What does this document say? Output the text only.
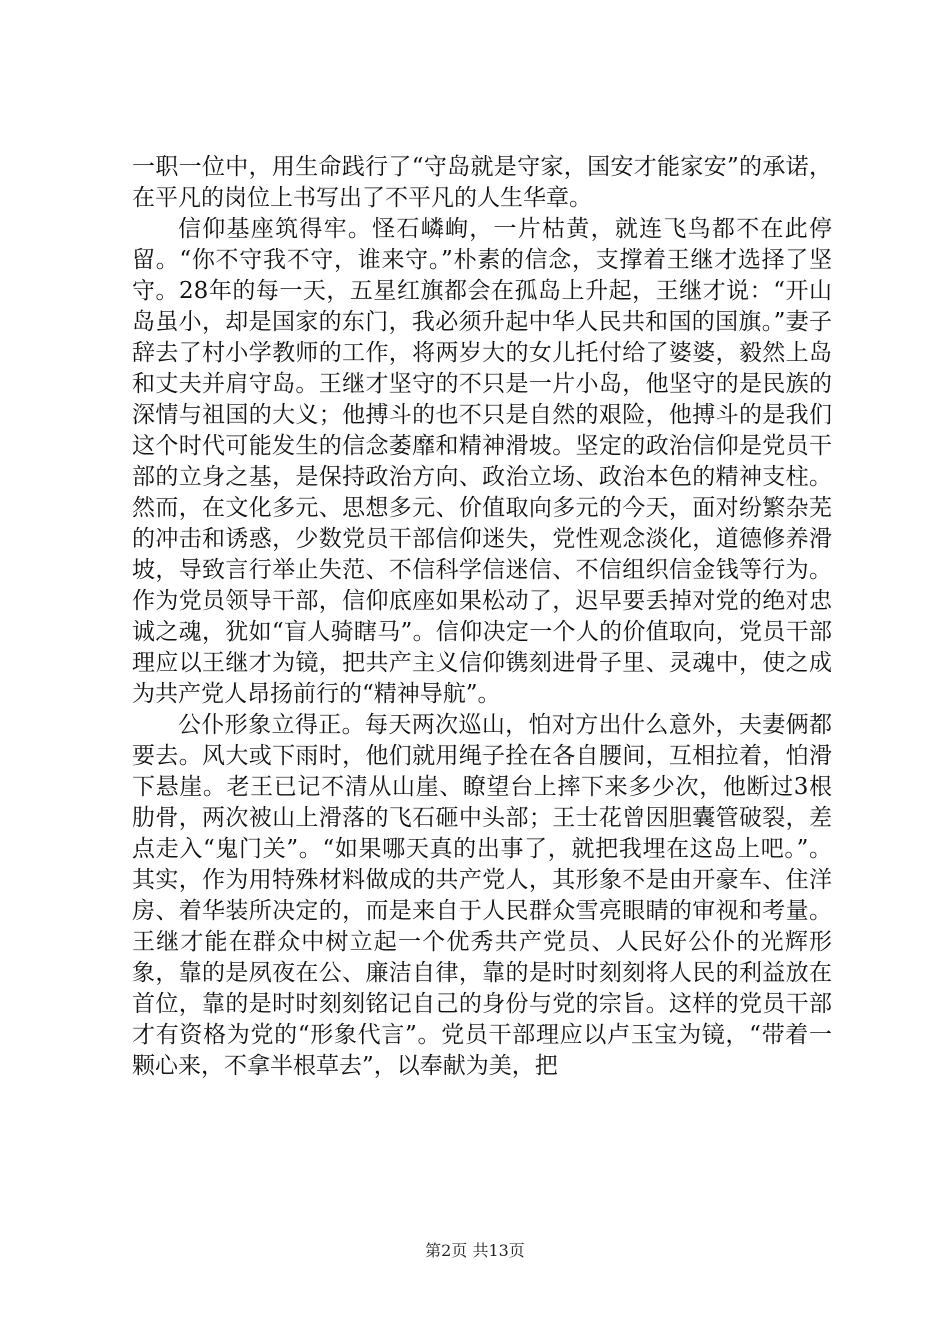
一职一位中，用生命践行了“守岛就是守家，国安才能家安”的承诺，在平凡的岗位上书写出了不平凡的人生华章。

信仰基座筑得牢。怪石嶙峋，一片枯黄，就连飞鸟都不在此停留。“你不守我不守，谁来守。”朴素的信念，支撑着王继才选择了坚守。28年的每一天，五星红旗都会在孤岛上升起，王继才说：“开山岛虽小，却是国家的东门，我必须升起中华人民共和国的国旗。”妻子辞去了村小学教师的工作，将两岁大的女儿托付给了婆婆，毅然上岛和丈夫并肩守岛。王继才坚守的不只是一片小岛，他坚守的是民族的深情与祖国的大义；他搏斗的也不只是自然的艰险，他搏斗的是我们这个时代可能发生的信念萎靡和精神滑坡。坚定的政治信仰是党员干部的立身之基，是保持政治方向、政治立场、政治本色的精神支柱。然而，在文化多元、思想多元、价值取向多元的今天，面对纷繁杂芜的冲击和诱惑，少数党员干部信仰迷失，党性观念淡化，道德修养滑坡，导致言行举止失范、不信科学信迷信、不信组织信金钱等行为。作为党员领导干部，信仰底座如果松动了，迟早要丢掉对党的绝对忠诚之魂，犹如“盲人骑瞎马”。信仰决定一个人的价值取向，党员干部理应以王继才为镜，把共产主义信仰镌刻进骨子里、灵魂中，使之成为共产党人昂扬前行的“精神导航”。

公仆形象立得正。每天两次巡山，怕对方出什么意外，夫妻俩都要去。风大或下雨时，他们就用绳子拴在各自腰间，互相拉着，怕滑下悬崖。老王已记不清从山崖、瞭望台上摔下来多少次，他断过3根肋骨，两次被山上滑落的飞石砸中头部；王士花曾因胆囊管破裂，差点走入“鬼门关”。“如果哪天真的出事了，就把我埋在这岛上吧。”。其实，作为用特殊材料做成的共产党人，其形象不是由开豪车、住洋房、着华装所决定的，而是来自于人民群众雪亮眼睛的审视和考量。王继才能在群众中树立起一个优秀共产党员、人民好公仆的光辉形象，靠的是夙夜在公、廉洁自律，靠的是时时刻刻将人民的利益放在首位，靠的是时时刻刻铭记自己的身份与党的宗旨。这样的党员干部才有资格为党的“形象代言”。党员干部理应以卢玉宝为镜，“带着一颗心来，不拿半根草去”，以奉献为美，把

第2页 共13页
